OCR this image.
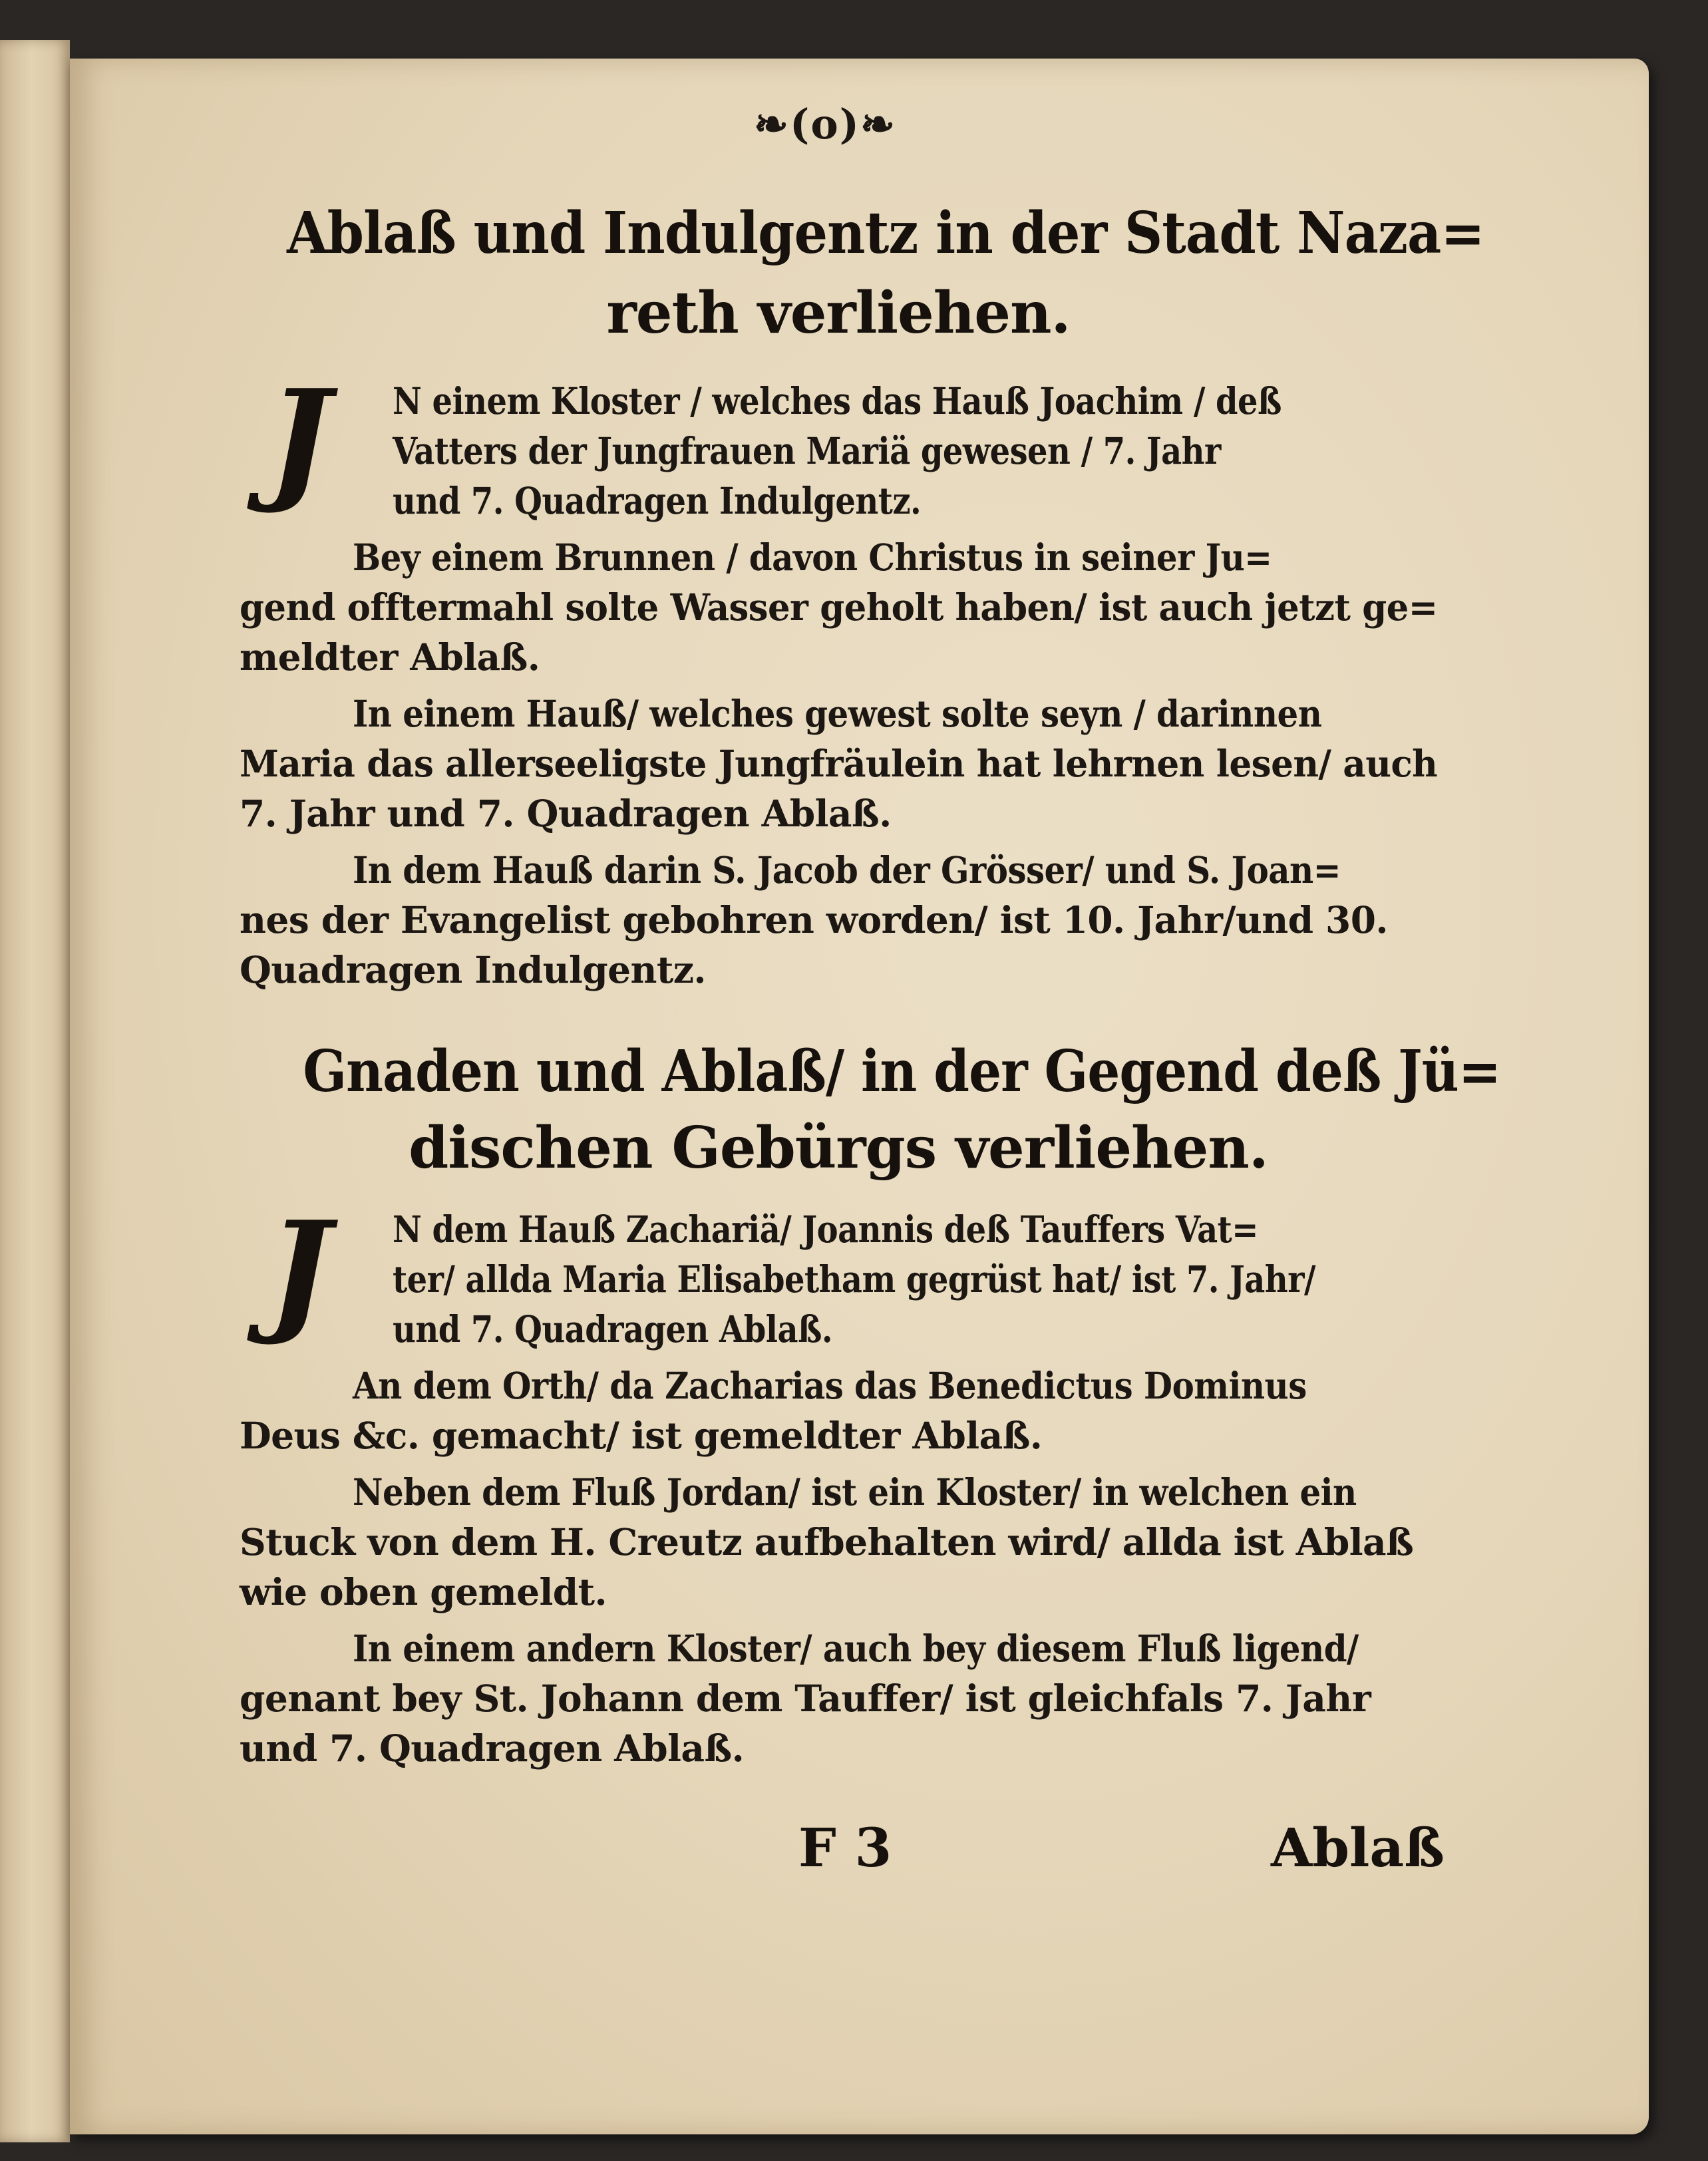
❧(o)❧
Ablaß und Indulgentz in der Stadt Naza=
reth verliehen.
J	N einem Kloster / welches das Hauß Joachim / deß
Vatters der Jungfrauen Mariä gewesen / 7. Jahr
und 7. Quadragen Indulgentz.
Bey einem Brunnen / davon Christus in seiner Ju=
gend offtermahl solte Wasser geholt haben/ ist auch jetzt ge=
meldter Ablaß.
In einem Hauß/ welches gewest solte seyn / darinnen
Maria das allerseeligste Jungfräulein hat lehrnen lesen/ auch
7. Jahr und 7. Quadragen Ablaß.
In dem Hauß darin S. Jacob der Grösser/ und S. Joan=
nes der Evangelist gebohren worden/ ist 10. Jahr/und 30.
Quadragen Indulgentz.
Gnaden und Ablaß/ in der Gegend deß Jü=
dischen Gebürgs verliehen.
J	N dem Hauß Zachariä/ Joannis deß Tauffers Vat=
ter/ allda Maria Elisabetham gegrüst hat/ ist 7. Jahr/
und 7. Quadragen Ablaß.
An dem Orth/ da Zacharias das Benedictus Dominus
Deus &c. gemacht/ ist gemeldter Ablaß.
Neben dem Fluß Jordan/ ist ein Kloster/ in welchen ein
Stuck von dem H. Creutz aufbehalten wird/ allda ist Ablaß
wie oben gemeldt.
In einem andern Kloster/ auch bey diesem Fluß ligend/
genant bey St. Johann dem Tauffer/ ist gleichfals 7. Jahr
und 7. Quadragen Ablaß.
F 3	Ablaß
